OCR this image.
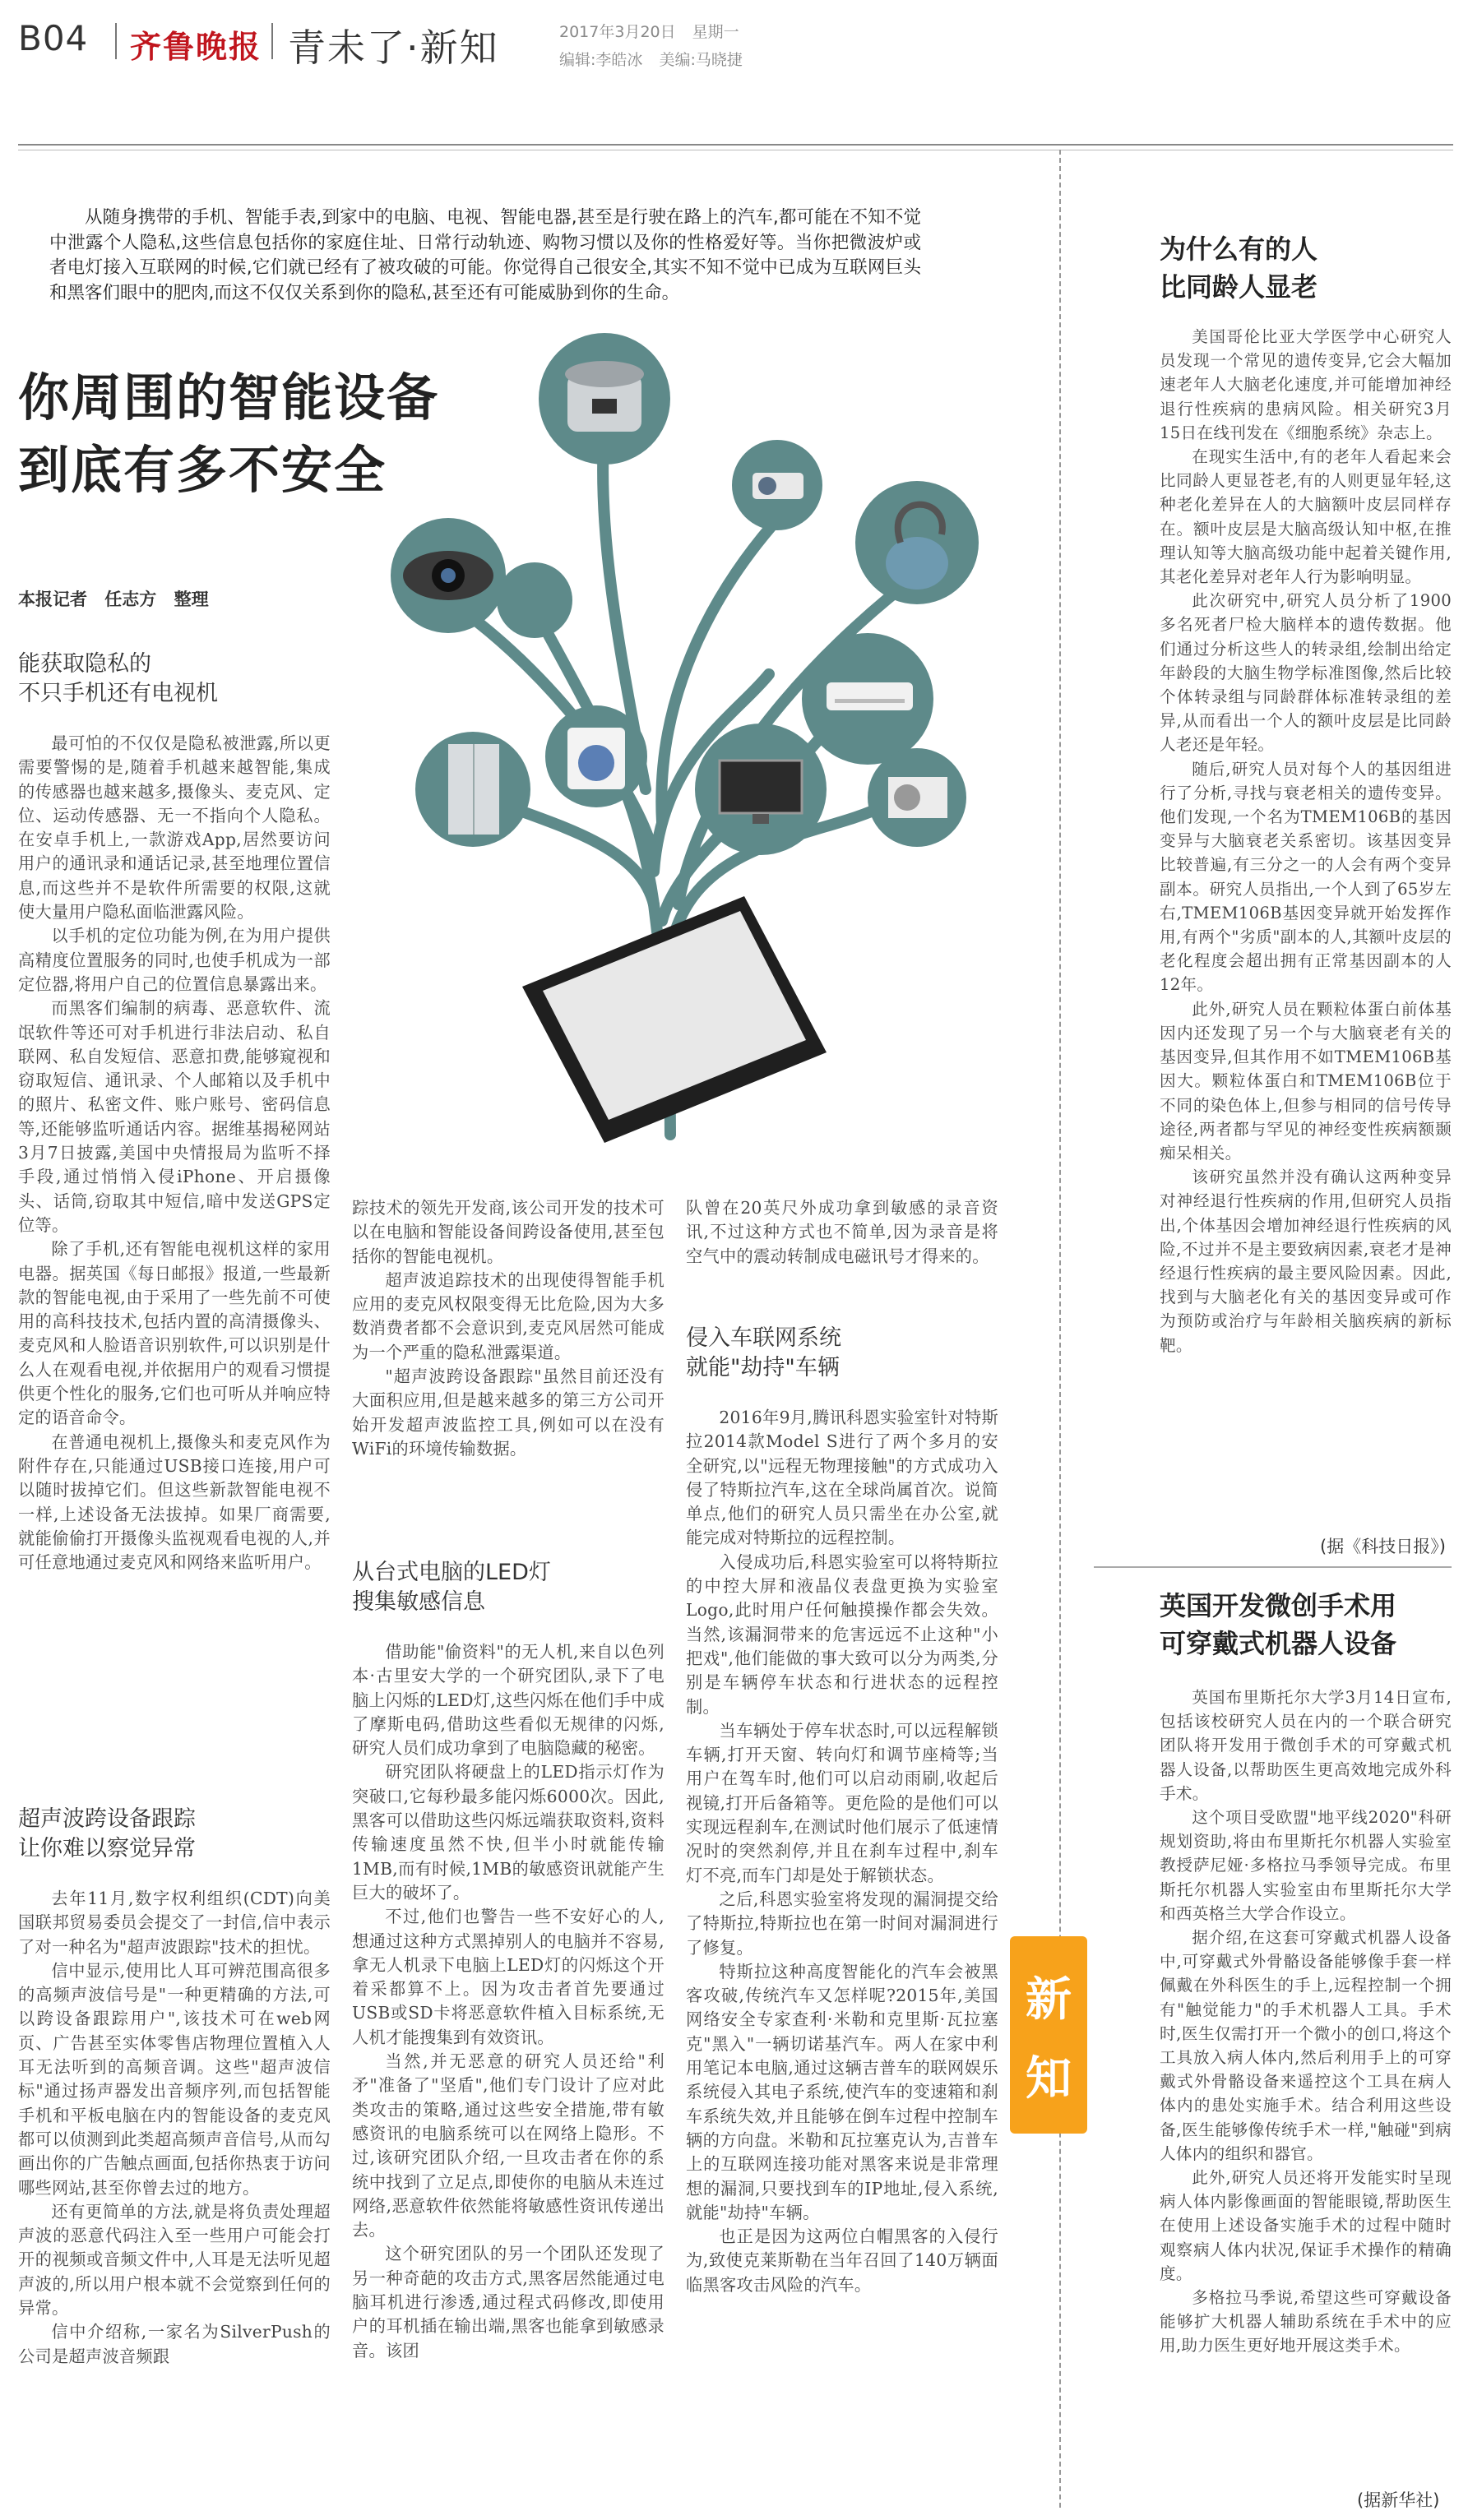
B04 齐鲁晚报 青未了·新知	2017年3月20日 星期一
编辑:李皓冰 美编:马晓捷
从随身携带的手机、智能手表,到家中的电脑、电视、智能电器,甚至是行驶在路上的汽车,都可能在不知不觉中泄露个人隐私,这些信息包括你的家庭住址、日常行动轨迹、购物习惯以及你的性格爱好等。当你把微波炉或者电灯接入互联网的时候,它们就已经有了被攻破的可能。你觉得自己很安全,其实不知不觉中已成为互联网巨头和黑客们眼中的肥肉,而这不仅仅关系到你的隐私,甚至还有可能威胁到你的生命。
你周围的智能设备
到底有多不安全
本报记者 任志方 整理
能获取隐私的
不只手机还有电视机

最可怕的不仅仅是隐私被泄露,所以更需要警惕的是,随着手机越来越智能,集成的传感器也越来越多,摄像头、麦克风、定位、运动传感器、无一不指向个人隐私。在安卓手机上,一款游戏App,居然要访问用户的通讯录和通话记录,甚至地理位置信息,而这些并不是软件所需要的权限,这就使大量用户隐私面临泄露风险。

以手机的定位功能为例,在为用户提供高精度位置服务的同时,也使手机成为一部定位器,将用户自己的位置信息暴露出来。

而黑客们编制的病毒、恶意软件、流氓软件等还可对手机进行非法启动、私自联网、私自发短信、恶意扣费,能够窥视和窃取短信、通讯录、个人邮箱以及手机中的照片、私密文件、账户账号、密码信息等,还能够监听通话内容。据维基揭秘网站3月7日披露,美国中央情报局为监听不择手段,通过悄悄入侵iPhone、开启摄像头、话筒,窃取其中短信,暗中发送GPS定位等。

除了手机,还有智能电视机这样的家用电器。据英国《每日邮报》报道,一些最新款的智能电视,由于采用了一些先前不可使用的高科技技术,包括内置的高清摄像头、麦克风和人脸语音识别软件,可以识别是什么人在观看电视,并依据用户的观看习惯提供更个性化的服务,它们也可听从并响应特定的语音命令。

在普通电视机上,摄像头和麦克风作为附件存在,只能通过USB接口连接,用户可以随时拔掉它们。但这些新款智能电视不一样,上述设备无法拔掉。如果厂商需要,就能偷偷打开摄像头监视观看电视的人,并可任意地通过麦克风和网络来监听用户。

超声波跨设备跟踪
让你难以察觉异常

去年11月,数字权利组织(CDT)向美国联邦贸易委员会提交了一封信,信中表示了对一种名为"超声波跟踪"技术的担忧。

信中显示,使用比人耳可辨范围高很多的高频声波信号是"一种更精确的方法,可以跨设备跟踪用户",该技术可在web网页、广告甚至实体零售店物理位置植入人耳无法听到的高频音调。这些"超声波信标"通过扬声器发出音频序列,而包括智能手机和平板电脑在内的智能设备的麦克风都可以侦测到此类超高频声音信号,从而勾画出你的广告触点画面,包括你热衷于访问哪些网站,甚至你曾去过的地方。

还有更简单的方法,就是将负责处理超声波的恶意代码注入至一些用户可能会打开的视频或音频文件中,人耳是无法听见超声波的,所以用户根本就不会觉察到任何的异常。

信中介绍称,一家名为SilverPush的公司是超声波音频跟

踪技术的领先开发商,该公司开发的技术可以在电脑和智能设备间跨设备使用,甚至包括你的智能电视机。

超声波追踪技术的出现使得智能手机应用的麦克风权限变得无比危险,因为大多数消费者都不会意识到,麦克风居然可能成为一个严重的隐私泄露渠道。

"超声波跨设备跟踪"虽然目前还没有大面积应用,但是越来越多的第三方公司开始开发超声波监控工具,例如可以在没有WiFi的环境传输数据。

从台式电脑的LED灯
搜集敏感信息

借助能"偷资料"的无人机,来自以色列本·古里安大学的一个研究团队,录下了电脑上闪烁的LED灯,这些闪烁在他们手中成了摩斯电码,借助这些看似无规律的闪烁,研究人员们成功拿到了电脑隐藏的秘密。

研究团队将硬盘上的LED指示灯作为突破口,它每秒最多能闪烁6000次。因此,黑客可以借助这些闪烁远端获取资料,资料传输速度虽然不快,但半小时就能传输1MB,而有时候,1MB的敏感资讯就能产生巨大的破坏了。

不过,他们也警告一些不安好心的人,想通过这种方式黑掉别人的电脑并不容易,拿无人机录下电脑上LED灯的闪烁这个开着采都算不上。因为攻击者首先要通过USB或SD卡将恶意软件植入目标系统,无人机才能搜集到有效资讯。

当然,并无恶意的研究人员还给"利矛"准备了"坚盾",他们专门设计了应对此类攻击的策略,通过这些安全措施,带有敏感资讯的电脑系统可以在网络上隐形。不过,该研究团队介绍,一旦攻击者在你的系统中找到了立足点,即使你的电脑从未连过网络,恶意软件依然能将敏感性资讯传递出去。

这个研究团队的另一个团队还发现了另一种奇葩的攻击方式,黑客居然能通过电脑耳机进行渗透,通过程式码修改,即使用户的耳机插在输出端,黑客也能拿到敏感录音。该团

队曾在20英尺外成功拿到敏感的录音资讯,不过这种方式也不简单,因为录音是将空气中的震动转制成电磁讯号才得来的。

侵入车联网系统
就能"劫持"车辆

2016年9月,腾讯科恩实验室针对特斯拉2014款Model S进行了两个多月的安全研究,以"远程无物理接触"的方式成功入侵了特斯拉汽车,这在全球尚属首次。说简单点,他们的研究人员只需坐在办公室,就能完成对特斯拉的远程控制。

入侵成功后,科恩实验室可以将特斯拉的中控大屏和液晶仪表盘更换为实验室Logo,此时用户任何触摸操作都会失效。当然,该漏洞带来的危害远远不止这种"小把戏",他们能做的事大致可以分为两类,分别是车辆停车状态和行进状态的远程控制。

当车辆处于停车状态时,可以远程解锁车辆,打开天窗、转向灯和调节座椅等;当用户在驾车时,他们可以启动雨刷,收起后视镜,打开后备箱等。更危险的是他们可以实现远程刹车,在测试时他们展示了低速情况时的突然刹停,并且在刹车过程中,刹车灯不亮,而车门却是处于解锁状态。

之后,科恩实验室将发现的漏洞提交给了特斯拉,特斯拉也在第一时间对漏洞进行了修复。

特斯拉这种高度智能化的汽车会被黑客攻破,传统汽车又怎样呢?2015年,美国网络安全专家查利·米勒和克里斯·瓦拉塞克"黑入"一辆切诺基汽车。两人在家中利用笔记本电脑,通过这辆吉普车的联网娱乐系统侵入其电子系统,使汽车的变速箱和刹车系统失效,并且能够在倒车过程中控制车辆的方向盘。米勒和瓦拉塞克认为,吉普车上的互联网连接功能对黑客来说是非常理想的漏洞,只要找到车的IP地址,侵入系统,就能"劫持"车辆。

也正是因为这两位白帽黑客的入侵行为,致使克莱斯勒在当年召回了140万辆面临黑客攻击风险的汽车。

新
知
为什么有的人
比同龄人显老

美国哥伦比亚大学医学中心研究人员发现一个常见的遗传变异,它会大幅加速老年人大脑老化速度,并可能增加神经退行性疾病的患病风险。相关研究3月15日在线刊发在《细胞系统》杂志上。

在现实生活中,有的老年人看起来会比同龄人更显苍老,有的人则更显年轻,这种老化差异在人的大脑额叶皮层同样存在。额叶皮层是大脑高级认知中枢,在推理认知等大脑高级功能中起着关键作用,其老化差异对老年人行为影响明显。

此次研究中,研究人员分析了1900多名死者尸检大脑样本的遗传数据。他们通过分析这些人的转录组,绘制出给定年龄段的大脑生物学标准图像,然后比较个体转录组与同龄群体标准转录组的差异,从而看出一个人的额叶皮层是比同龄人老还是年轻。

随后,研究人员对每个人的基因组进行了分析,寻找与衰老相关的遗传变异。他们发现,一个名为TMEM106B的基因变异与大脑衰老关系密切。该基因变异比较普遍,有三分之一的人会有两个变异副本。研究人员指出,一个人到了65岁左右,TMEM106B基因变异就开始发挥作用,有两个"劣质"副本的人,其额叶皮层的老化程度会超出拥有正常基因副本的人12年。

此外,研究人员在颗粒体蛋白前体基因内还发现了另一个与大脑衰老有关的基因变异,但其作用不如TMEM106B基因大。颗粒体蛋白和TMEM106B位于不同的染色体上,但参与相同的信号传导途径,两者都与罕见的神经变性疾病额颞痴呆相关。

该研究虽然并没有确认这两种变异对神经退行性疾病的作用,但研究人员指出,个体基因会增加神经退行性疾病的风险,不过并不是主要致病因素,衰老才是神经退行性疾病的最主要风险因素。因此,找到与大脑老化有关的基因变异或可作为预防或治疗与年龄相关脑疾病的新标靶。

(据《科技日报》)
英国开发微创手术用
可穿戴式机器人设备

英国布里斯托尔大学3月14日宣布,包括该校研究人员在内的一个联合研究团队将开发用于微创手术的可穿戴式机器人设备,以帮助医生更高效地完成外科手术。

这个项目受欧盟"地平线2020"科研规划资助,将由布里斯托尔机器人实验室教授萨尼娅·多格拉马季领导完成。布里斯托尔机器人实验室由布里斯托尔大学和西英格兰大学合作设立。

据介绍,在这套可穿戴式机器人设备中,可穿戴式外骨骼设备能够像手套一样佩戴在外科医生的手上,远程控制一个拥有"触觉能力"的手术机器人工具。手术时,医生仅需打开一个微小的创口,将这个工具放入病人体内,然后利用手上的可穿戴式外骨骼设备来遥控这个工具在病人体内的患处实施手术。结合利用这些设备,医生能够像传统手术一样,"触碰"到病人体内的组织和器官。

此外,研究人员还将开发能实时呈现病人体内影像画面的智能眼镜,帮助医生在使用上述设备实施手术的过程中随时观察病人体内状况,保证手术操作的精确度。

多格拉马季说,希望这些可穿戴设备能够扩大机器人辅助系统在手术中的应用,助力医生更好地开展这类手术。

(据新华社)
